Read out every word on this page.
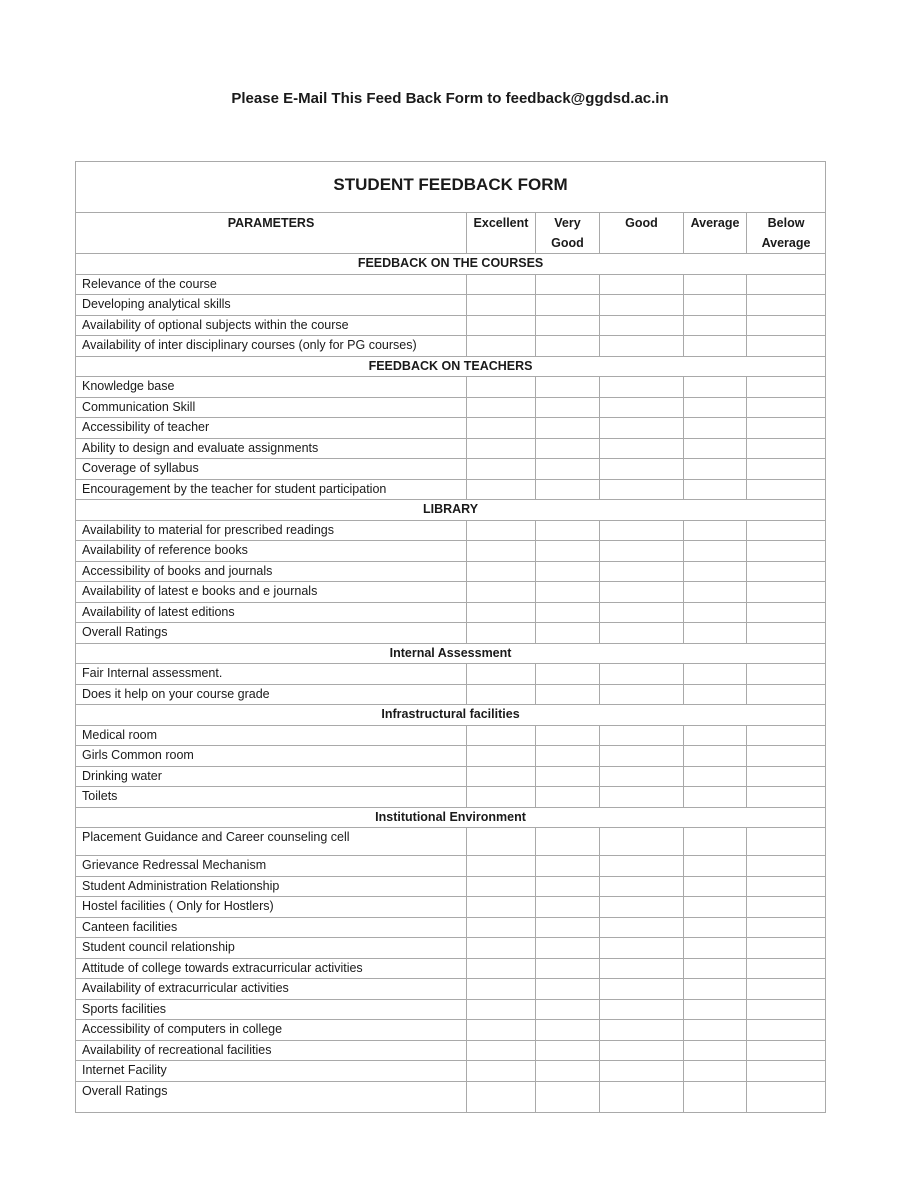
Please E-Mail This Feed Back Form to feedback@ggdsd.ac.in
STUDENT FEEDBACK FORM					
PARAMETERS	Excellent	Very Good	Good	Average	Below Average
FEEDBACK ON THE COURSES					
Relevance of the course					
Developing analytical skills					
Availability of optional subjects within the course					
Availability of inter disciplinary courses (only for PG courses)					
FEEDBACK ON TEACHERS					
Knowledge base					
Communication Skill					
Accessibility of teacher					
Ability to design and evaluate assignments					
Coverage of syllabus					
Encouragement by the teacher for student participation					
LIBRARY					
Availability to material for prescribed readings					
Availability of reference books					
Accessibility of books and journals					
Availability of latest e books and e journals					
Availability of latest editions					
Overall Ratings					
Internal Assessment					
Fair Internal assessment.					
Does it help on your course grade					
Infrastructural facilities					
Medical room					
Girls Common room					
Drinking water					
Toilets					
Institutional Environment					
Placement Guidance and Career counseling cell					
Grievance Redressal Mechanism					
Student Administration Relationship					
Hostel facilities ( Only for Hostlers)					
Canteen facilities					
Student council relationship					
Attitude of college towards extracurricular activities					
Availability of extracurricular activities					
Sports facilities					
Accessibility of computers in college					
Availability of recreational facilities					
Internet Facility					
Overall Ratings					
